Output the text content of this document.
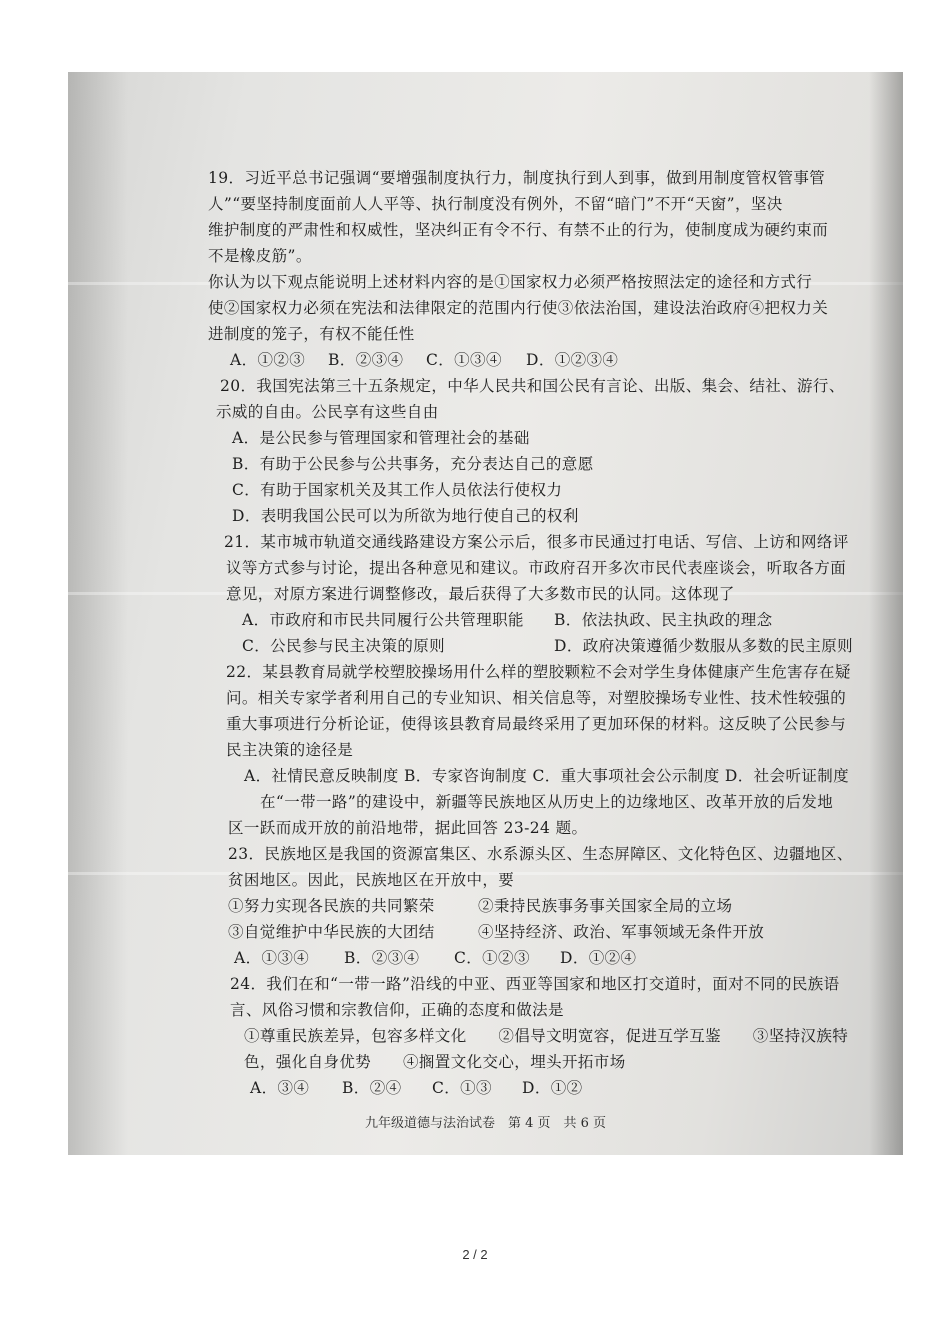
19．习近平总书记强调“要增强制度执行力，制度执行到人到事，做到用制度管权管事管
人”“要坚持制度面前人人平等、执行制度没有例外，不留“暗门”不开“天窗”，坚决
维护制度的严肃性和权威性，坚决纠正有令不行、有禁不止的行为，使制度成为硬约束而
不是橡皮筋”。
你认为以下观点能说明上述材料内容的是①国家权力必须严格按照法定的途径和方式行
使②国家权力必须在宪法和法律限定的范围内行使③依法治国，建设法治政府④把权力关
进制度的笼子，有权不能任性
A．①②③ B．②③④ C．①③④ D．①②③④
20．我国宪法第三十五条规定，中华人民共和国公民有言论、出版、集会、结社、游行、
示威的自由。公民享有这些自由
A．是公民参与管理国家和管理社会的基础
B．有助于公民参与公共事务，充分表达自己的意愿
C．有助于国家机关及其工作人员依法行使权力
D．表明我国公民可以为所欲为地行使自己的权利
21．某市城市轨道交通线路建设方案公示后，很多市民通过打电话、写信、上访和网络评
议等方式参与讨论，提出各种意见和建议。市政府召开多次市民代表座谈会，听取各方面
意见，对原方案进行调整修改，最后获得了大多数市民的认同。这体现了
A．市政府和市民共同履行公共管理职能 B．依法执政、民主执政的理念
C．公民参与民主决策的原则	D．政府决策遵循少数服从多数的民主原则
22．某县教育局就学校塑胶操场用什么样的塑胶颗粒不会对学生身体健康产生危害存在疑
问。相关专家学者利用自己的专业知识、相关信息等，对塑胶操场专业性、技术性较强的
重大事项进行分析论证，使得该县教育局最终采用了更加环保的材料。这反映了公民参与
民主决策的途径是
A．社情民意反映制度 B．专家咨询制度 C．重大事项社会公示制度 D．社会听证制度
在“一带一路”的建设中，新疆等民族地区从历史上的边缘地区、改革开放的后发地
区一跃而成开放的前沿地带，据此回答 23-24 题。
23．民族地区是我国的资源富集区、水系源头区、生态屏障区、文化特色区、边疆地区、
贫困地区。因此，民族地区在开放中，要
①努力实现各民族的共同繁荣	②秉持民族事务事关国家全局的立场
③自觉维护中华民族的大团结	④坚持经济、政治、军事领域无条件开放
A．①③④ B．②③④ C．①②③ D．①②④
24．我们在和“一带一路”沿线的中亚、西亚等国家和地区打交道时，面对不同的民族语
言、风俗习惯和宗教信仰，正确的态度和做法是
①尊重民族差异，包容多样文化　　②倡导文明宽容，促进互学互鉴　　③坚持汉族特
色，强化自身优势　　④搁置文化交心，埋头开拓市场
A．③④ B．②④ C．①③ D．①②
九年级道德与法治试卷　第 4 页　共 6 页
2 / 2
